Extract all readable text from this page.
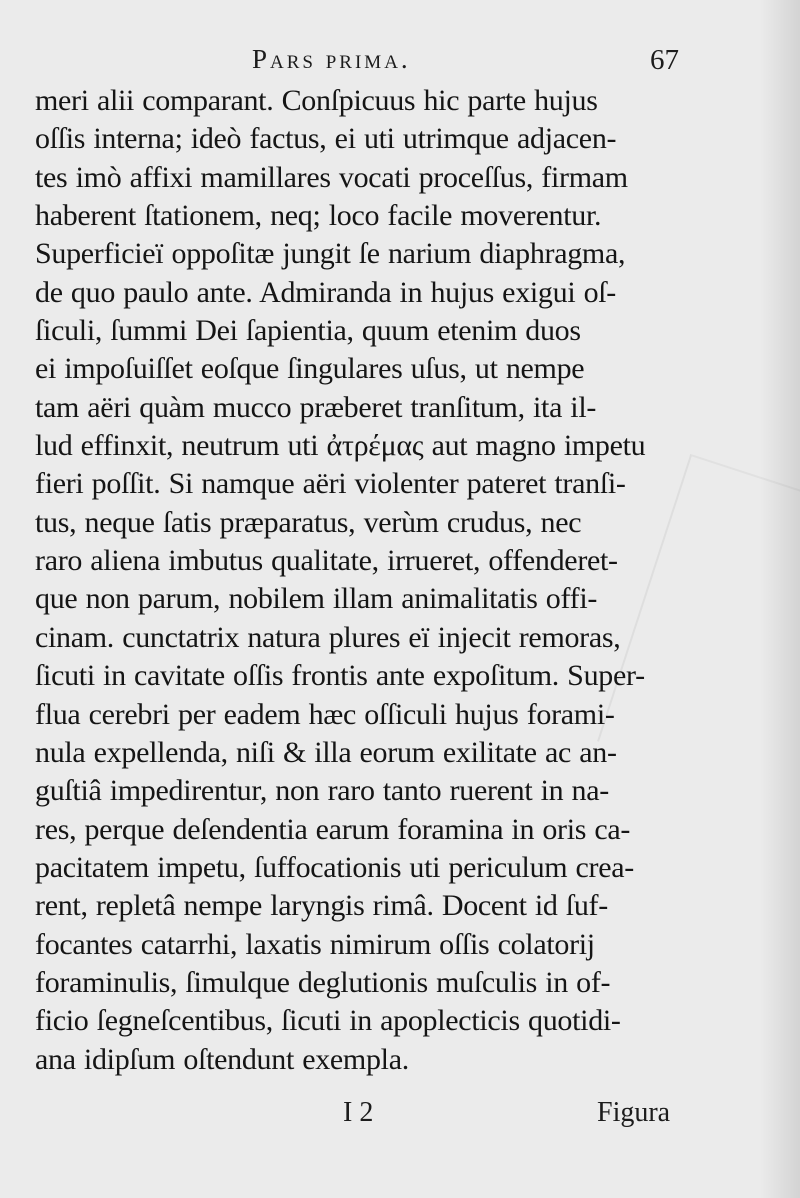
Pars prima.	67
meri alii comparant. Conſpicuus hic parte hujus
oſſis interna; ideò factus, ei uti utrimque adjacen-
tes imò affixi mamillares vocati proceſſus, firmam
haberent ſtationem, neq; loco facile moverentur.
Superficieï oppoſitæ jungit ſe narium diaphragma,
de quo paulo ante. Admiranda in hujus exigui oſ-
ſiculi, ſummi Dei ſapientia, quum etenim duos
ei impoſuiſſet eoſque ſingulares uſus, ut nempe
tam aëri quàm mucco præberet tranſitum, ita il-
lud effinxit, neutrum uti ἀτρέμας aut magno impetu
fieri poſſit. Si namque aëri violenter pateret tranſi-
tus, neque ſatis præparatus, verùm crudus, nec
raro aliena imbutus qualitate, irrueret, offenderet-
que non parum, nobilem illam animalitatis offi-
cinam. cunctatrix natura plures eï injecit remoras,
ſicuti in cavitate oſſis frontis ante expoſitum. Super-
flua cerebri per eadem hæc oſſiculi hujus forami-
nula expellenda, niſi & illa eorum exilitate ac an-
guſtiâ impedirentur, non raro tanto ruerent in na-
res, perque deſendentia earum foramina in oris ca-
pacitatem impetu, ſuffocationis uti periculum crea-
rent, repletâ nempe laryngis rimâ. Docent id ſuf-
focantes catarrhi, laxatis nimirum oſſis colatorij
foraminulis, ſimulque deglutionis muſculis in of-
ficio ſegneſcentibus, ſicuti in apoplecticis quotidi-
ana idipſum oſtendunt exempla.
I 2	Figura
